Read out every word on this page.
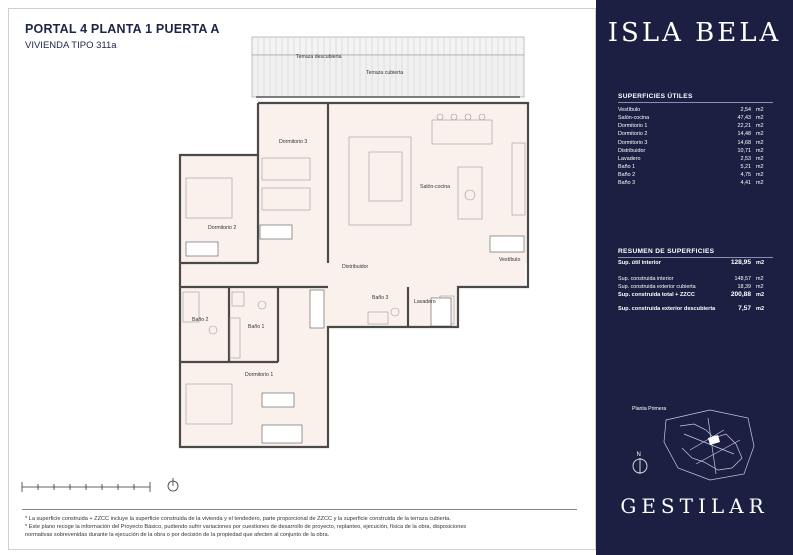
Terraza descubierta
Terraza cubierta
Dormitorio 3
Salón-cocina
Dormitorio 2
Distribuidor
Vestíbulo
Baño 3
Lavadero
Baño 2
Baño 1
Dormitorio 1
PORTAL 4 PLANTA 1 PUERTA A
VIVIENDA TIPO 311a
* La superficie construida + ZZCC incluye la superficie construida de la vivienda y el tendedero, parte proporcional de ZZCC y la superficie construida de la terraza cubierta.
* Este plano recoge la información del Proyecto Básico, pudiendo sufrir variaciones por cuestiones de desarrollo de proyecto, replanteo, ejecución, física de la obra, disposiciones
normativas sobrevenidas durante la ejecución de la obra o por decisión de la propiedad que afecten al conjunto de la obra.
ISLA BELA
SUPERFICIES ÚTILES
Vestíbulo	2,54 m2
Salón-cocina	47,43 m2
Dormitorio 1	22,21 m2
Dormitorio 2	14,48 m2
Dormitorio 3	14,68 m2
Distribuidor	10,71 m2
Lavadero	2,53 m2
Baño 1	5,21 m2
Baño 2	4,75 m2
Baño 3	4,41 m2
RESUMEN DE SUPERFICIES
Sup. útil interior	128,95 m2
Sup. construida interior	148,57 m2
Sup. construida exterior cubierta	18,39 m2
Sup. construida total + ZZCC	200,88 m2
Sup. construida exterior descubierta	7,57 m2
Planta Primera
N
GESTILAR
